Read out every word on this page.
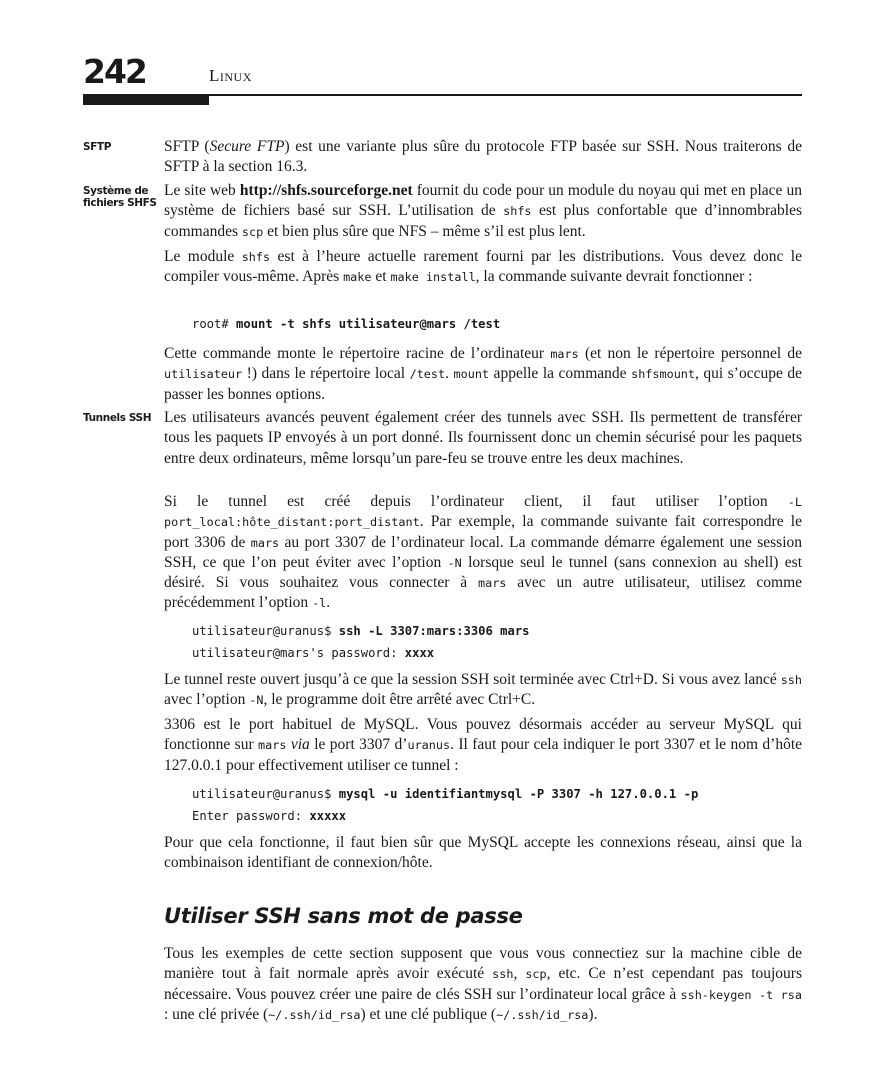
242	Linux
SFTP
Système de
fichiers SHFS
Tunnels SSH

SFTP (Secure FTP) est une variante plus sûre du protocole FTP basée sur SSH. Nous traiterons de SFTP à la section 16.3.

Le site web http://shfs.sourceforge.net fournit du code pour un module du noyau qui met en place un système de fichiers basé sur SSH. L’utilisation de shfs est plus confortable que d’innombrables commandes scp et bien plus sûre que NFS – même s’il est plus lent.

Le module shfs est à l’heure actuelle rarement fourni par les distributions. Vous devez donc le compiler vous-même. Après make et make install, la commande suivante devrait fonctionner :

root# mount -t shfs utilisateur@mars /test

Cette commande monte le répertoire racine de l’ordinateur mars (et non le répertoire personnel de utilisateur !) dans le répertoire local /test. mount appelle la commande shfsmount, qui s’occupe de passer les bonnes options.

Les utilisateurs avancés peuvent également créer des tunnels avec SSH. Ils permettent de transférer tous les paquets IP envoyés à un port donné. Ils fournissent donc un chemin sécurisé pour les paquets entre deux ordinateurs, même lorsqu’un pare-feu se trouve entre les deux machines.

Si le tunnel est créé depuis l’ordinateur client, il faut utiliser l’option -L port_local:hôte_distant:port_distant. Par exemple, la commande suivante fait correspondre le port 3306 de mars au port 3307 de l’ordinateur local. La commande démarre également une session SSH, ce que l’on peut éviter avec l’option -N lorsque seul le tunnel (sans connexion au shell) est désiré. Si vous souhaitez vous connecter à mars avec un autre utilisateur, utilisez comme précédemment l’option -l.

utilisateur@uranus$ ssh -L 3307:mars:3306 mars
utilisateur@mars's password: xxxx

Le tunnel reste ouvert jusqu’à ce que la session SSH soit terminée avec Ctrl+D. Si vous avez lancé ssh avec l’option -N, le programme doit être arrêté avec Ctrl+C.

3306 est le port habituel de MySQL. Vous pouvez désormais accéder au serveur MySQL qui fonctionne sur mars via le port 3307 d’uranus. Il faut pour cela indiquer le port 3307 et le nom d’hôte 127.0.0.1 pour effectivement utiliser ce tunnel :

utilisateur@uranus$ mysql -u identifiantmysql -P 3307 -h 127.0.0.1 -p
Enter password: xxxxx

Pour que cela fonctionne, il faut bien sûr que MySQL accepte les connexions réseau, ainsi que la combinaison identifiant de connexion/hôte.

Utiliser SSH sans mot de passe

Tous les exemples de cette section supposent que vous vous connectiez sur la machine cible de manière tout à fait normale après avoir exécuté ssh, scp, etc. Ce n’est cependant pas toujours nécessaire. Vous pouvez créer une paire de clés SSH sur l’ordinateur local grâce à ssh-keygen -t rsa : une clé privée (~/.ssh/id_rsa) et une clé publique (~/.ssh/id_rsa).
